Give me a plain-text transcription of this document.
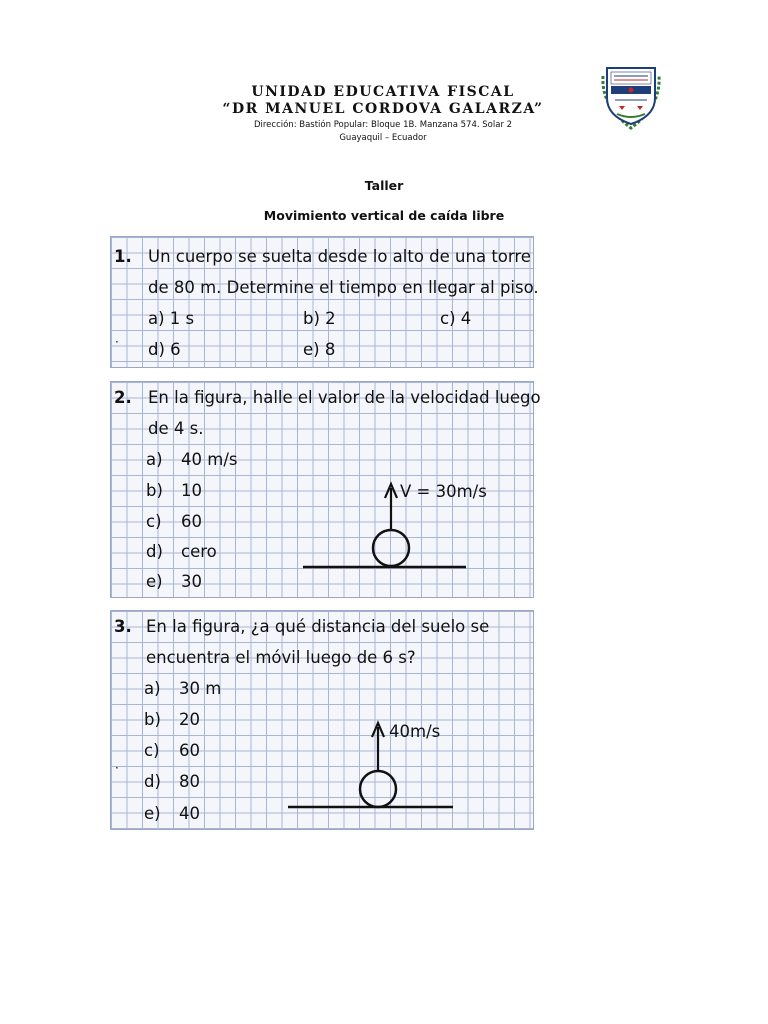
UNIDAD EDUCATIVA FISCAL
“DR MANUEL CORDOVA GALARZA”
Dirección: Bastión Popular: Bloque 1B. Manzana 574. Solar 2
Guayaquil – Ecuador
Taller
Movimiento vertical de caída libre
1. Un cuerpo se suelta desde lo alto de una torre
de 80 m. Determine el tiempo en llegar al piso.
a) 1 s	b) 2	c) 4
d) 6	e) 8
·
2. En la figura, halle el valor de la velocidad luego
de 4 s.
a) 40 m/s
b) 10
c) 60
d) cero
e) 30
V = 30m/s
3. En la figura, ¿a qué distancia del suelo se
encuentra el móvil luego de 6 s?
a) 30 m
b) 20
c) 60
d) 80
e) 40
·
40m/s
